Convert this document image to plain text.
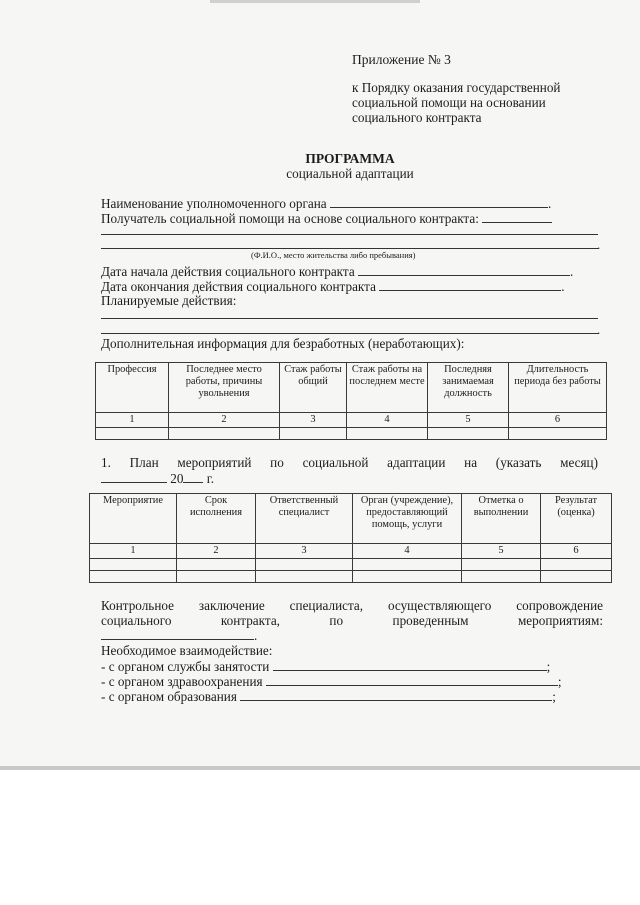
Приложение № 3
к Порядку оказания государственной
социальной помощи на основании
социального контракта
ПРОГРАММА
социальной адаптации
Наименование уполномоченного органа	.
Получатель социальной помощи на основе социального контракта:
.
(Ф.И.О., место жительства либо пребывания)
Дата начала действия социального контракта	.
Дата окончания действия социального контракта	.
Планируемые действия:
.
Дополнительная информация для безработных (неработающих):
Профессия	Последнее место работы, причины увольнения	Стаж работы общий	Стаж работы на последнем месте	Последняя занимаемая должность	Длительность периода без работы
1	2	3	4	5	6

1. План мероприятий по социальной адаптации на (указать месяц)
20 г.
Мероприятие	Срок исполнения	Ответственный специалист	Орган (учреждение), предоставляющий помощь, услуги	Отметка о выполнении	Результат (оценка)
1	2	3	4	5	6

Контрольное заключение специалиста, осуществляющего сопровождение
социального контракта, по проведенным мероприятиям:
.
Необходимое взаимодействие:
- с органом службы занятости	;
- с органом здравоохранения	;
- с органом образования	;
